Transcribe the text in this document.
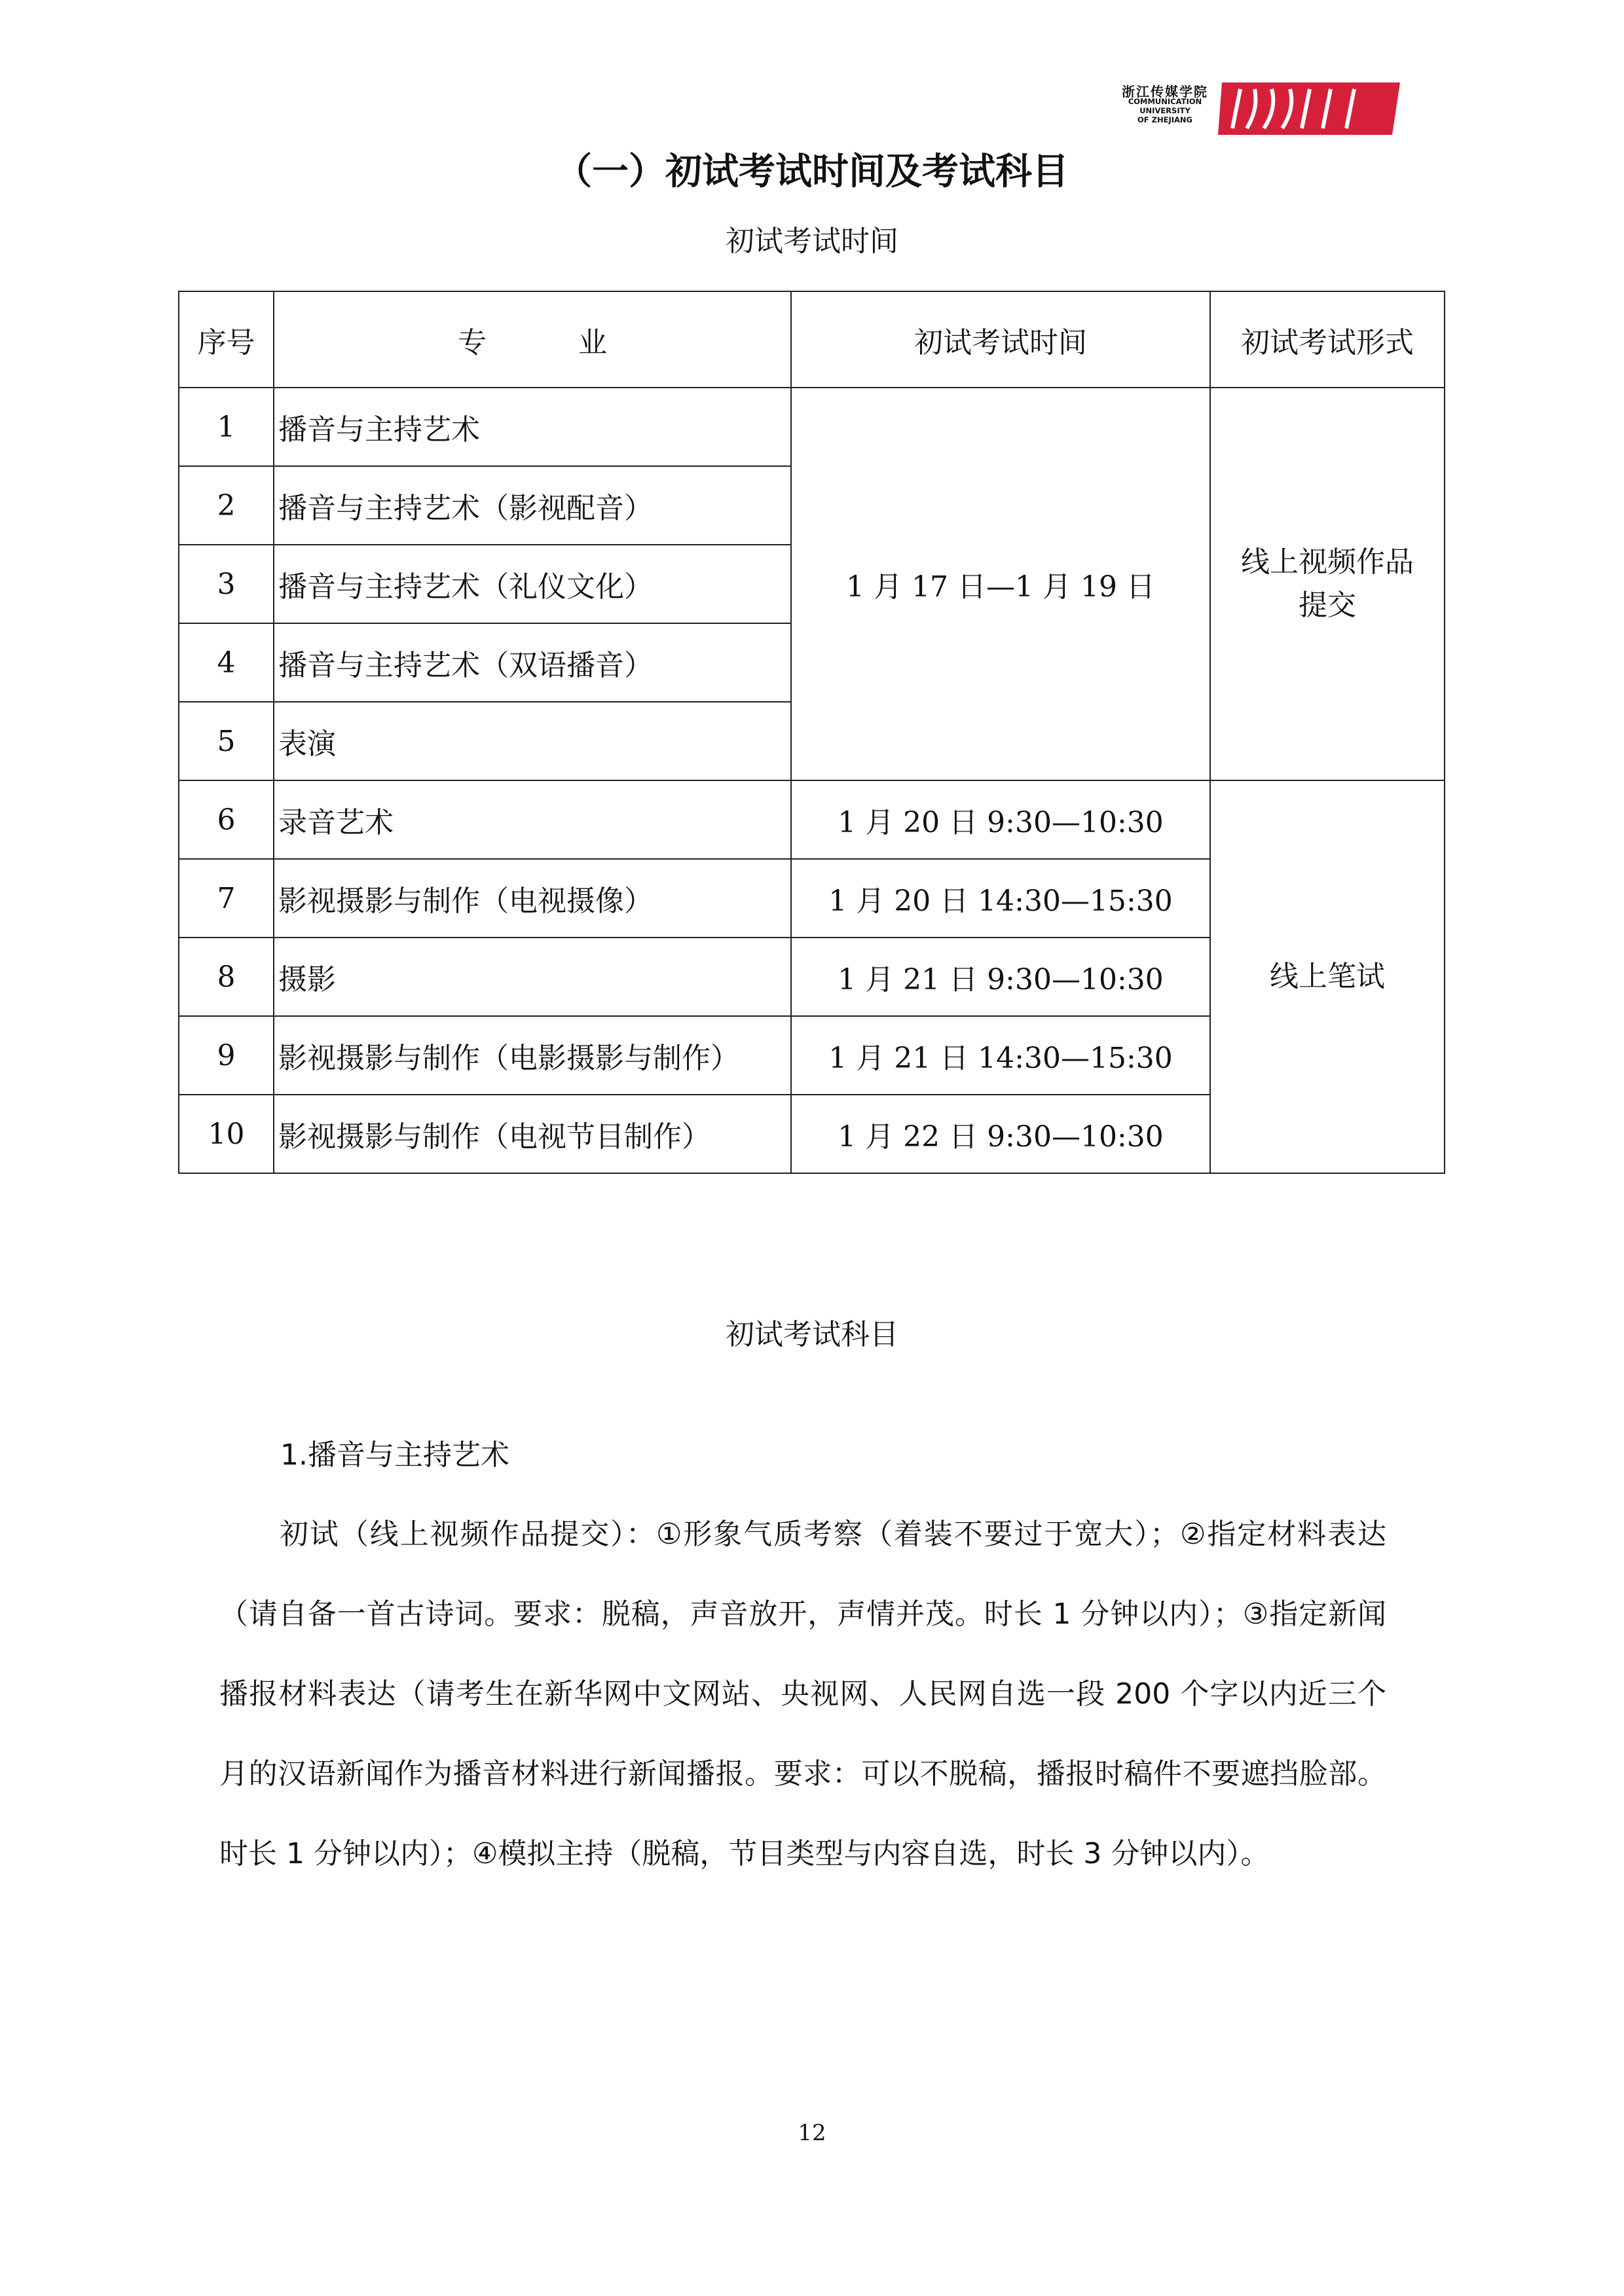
浙江传媒学院
COMMUNICATION
UNIVERSITY
OF ZHEJIANG
（一）初试考试时间及考试科目
初试考试时间
序号	专 业	初试考试时间	初试考试形式
1	播音与主持艺术	1 月 17 日—1 月 19 日	线上视频作品
提交
2	播音与主持艺术（影视配音）		
3	播音与主持艺术（礼仪文化）		
4	播音与主持艺术（双语播音）		
5	表演		
6	录音艺术	1 月 20 日 9:30—10:30	线上笔试
7	影视摄影与制作（电视摄像）	1 月 20 日 14:30—15:30	
8	摄影	1 月 21 日 9:30—10:30	
9	影视摄影与制作（电影摄影与制作）	1 月 21 日 14:30—15:30	
10	影视摄影与制作（电视节目制作）	1 月 22 日 9:30—10:30	
初试考试科目
1.播音与主持艺术
初试（线上视频作品提交）：①形象气质考察（着装不要过于宽大）；②指定材料表达（请自备一首古诗词。要求：脱稿，声音放开，声情并茂。时长 1 分钟以内）；③指定新闻播报材料表达（请考生在新华网中文网站、央视网、人民网自选一段 200 个字以内近三个月的汉语新闻作为播音材料进行新闻播报。要求：可以不脱稿，播报时稿件不要遮挡脸部。时长 1 分钟以内）；④模拟主持（脱稿，节目类型与内容自选，时长 3 分钟以内）。
12
